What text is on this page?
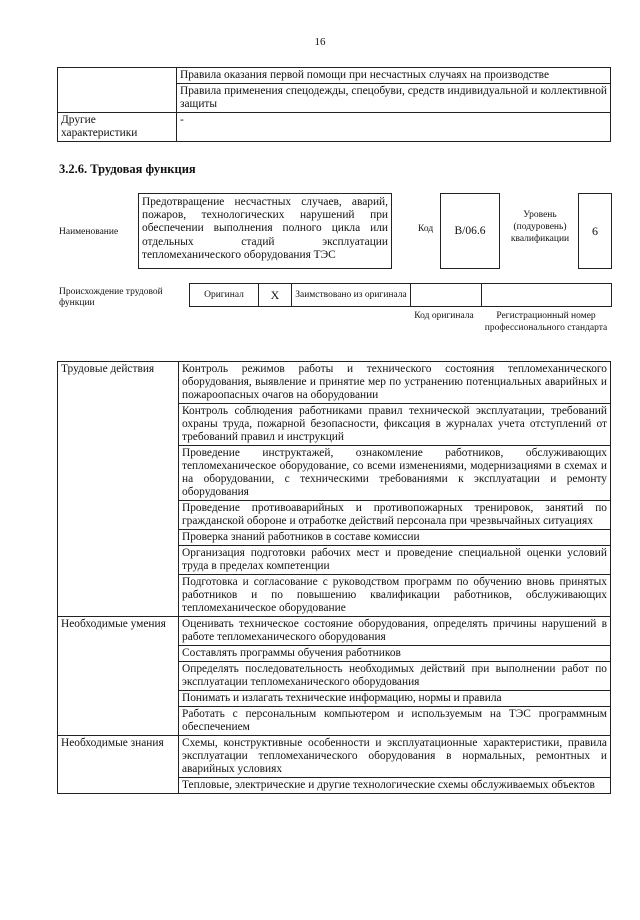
16
	Правила оказания первой помощи при несчастных случаях на производстве
	Правила применения спецодежды, спецобуви, средств индивидуальной и коллективной защиты
Другие характеристики	-
3.2.6. Трудовая функция
Наименование
Предотвращение несчастных случаев, аварий, пожаров, технологических нарушений при обеспечении выполнения полного цикла или отдельных стадий эксплуатации тепломеханического оборудования ТЭС
Код	B/06.6
Уровень (подуровень) квалификации
6
Происхождение трудовой функции
Оригинал	X	Заимствовано из оригинала		
Код оригинала	Регистрационный номер профессионального стандарта
Трудовые действия	Контроль режимов работы и технического состояния тепломеханического оборудования, выявление и принятие мер по устранению потенциальных аварийных и пожароопасных очагов на оборудовании
	Контроль соблюдения работниками правил технической эксплуатации, требований охраны труда, пожарной безопасности, фиксация в журналах учета отступлений от требований правил и инструкций
	Проведение инструктажей, ознакомление работников, обслуживающих тепломеханическое оборудование, со всеми изменениями, модернизациями в схемах и на оборудовании, с техническими требованиями к эксплуатации и ремонту оборудования
	Проведение противоаварийных и противопожарных тренировок, занятий по гражданской обороне и отработке действий персонала при чрезвычайных ситуациях
	Проверка знаний работников в составе комиссии
	Организация подготовки рабочих мест и проведение специальной оценки условий труда в пределах компетенции
	Подготовка и согласование с руководством программ по обучению вновь принятых работников и по повышению квалификации работников, обслуживающих тепломеханическое оборудование
Необходимые умения	Оценивать техническое состояние оборудования, определять причины нарушений в работе тепломеханического оборудования
	Составлять программы обучения работников
	Определять последовательность необходимых действий при выполнении работ по эксплуатации тепломеханического оборудования
	Понимать и излагать технические информацию, нормы и правила
	Работать с персональным компьютером и используемым на ТЭС программным обеспечением
Необходимые знания	Схемы, конструктивные особенности и эксплуатационные характеристики, правила эксплуатации тепломеханического оборудования в нормальных, ремонтных и аварийных условиях
	Тепловые, электрические и другие технологические схемы обслуживаемых объектов
